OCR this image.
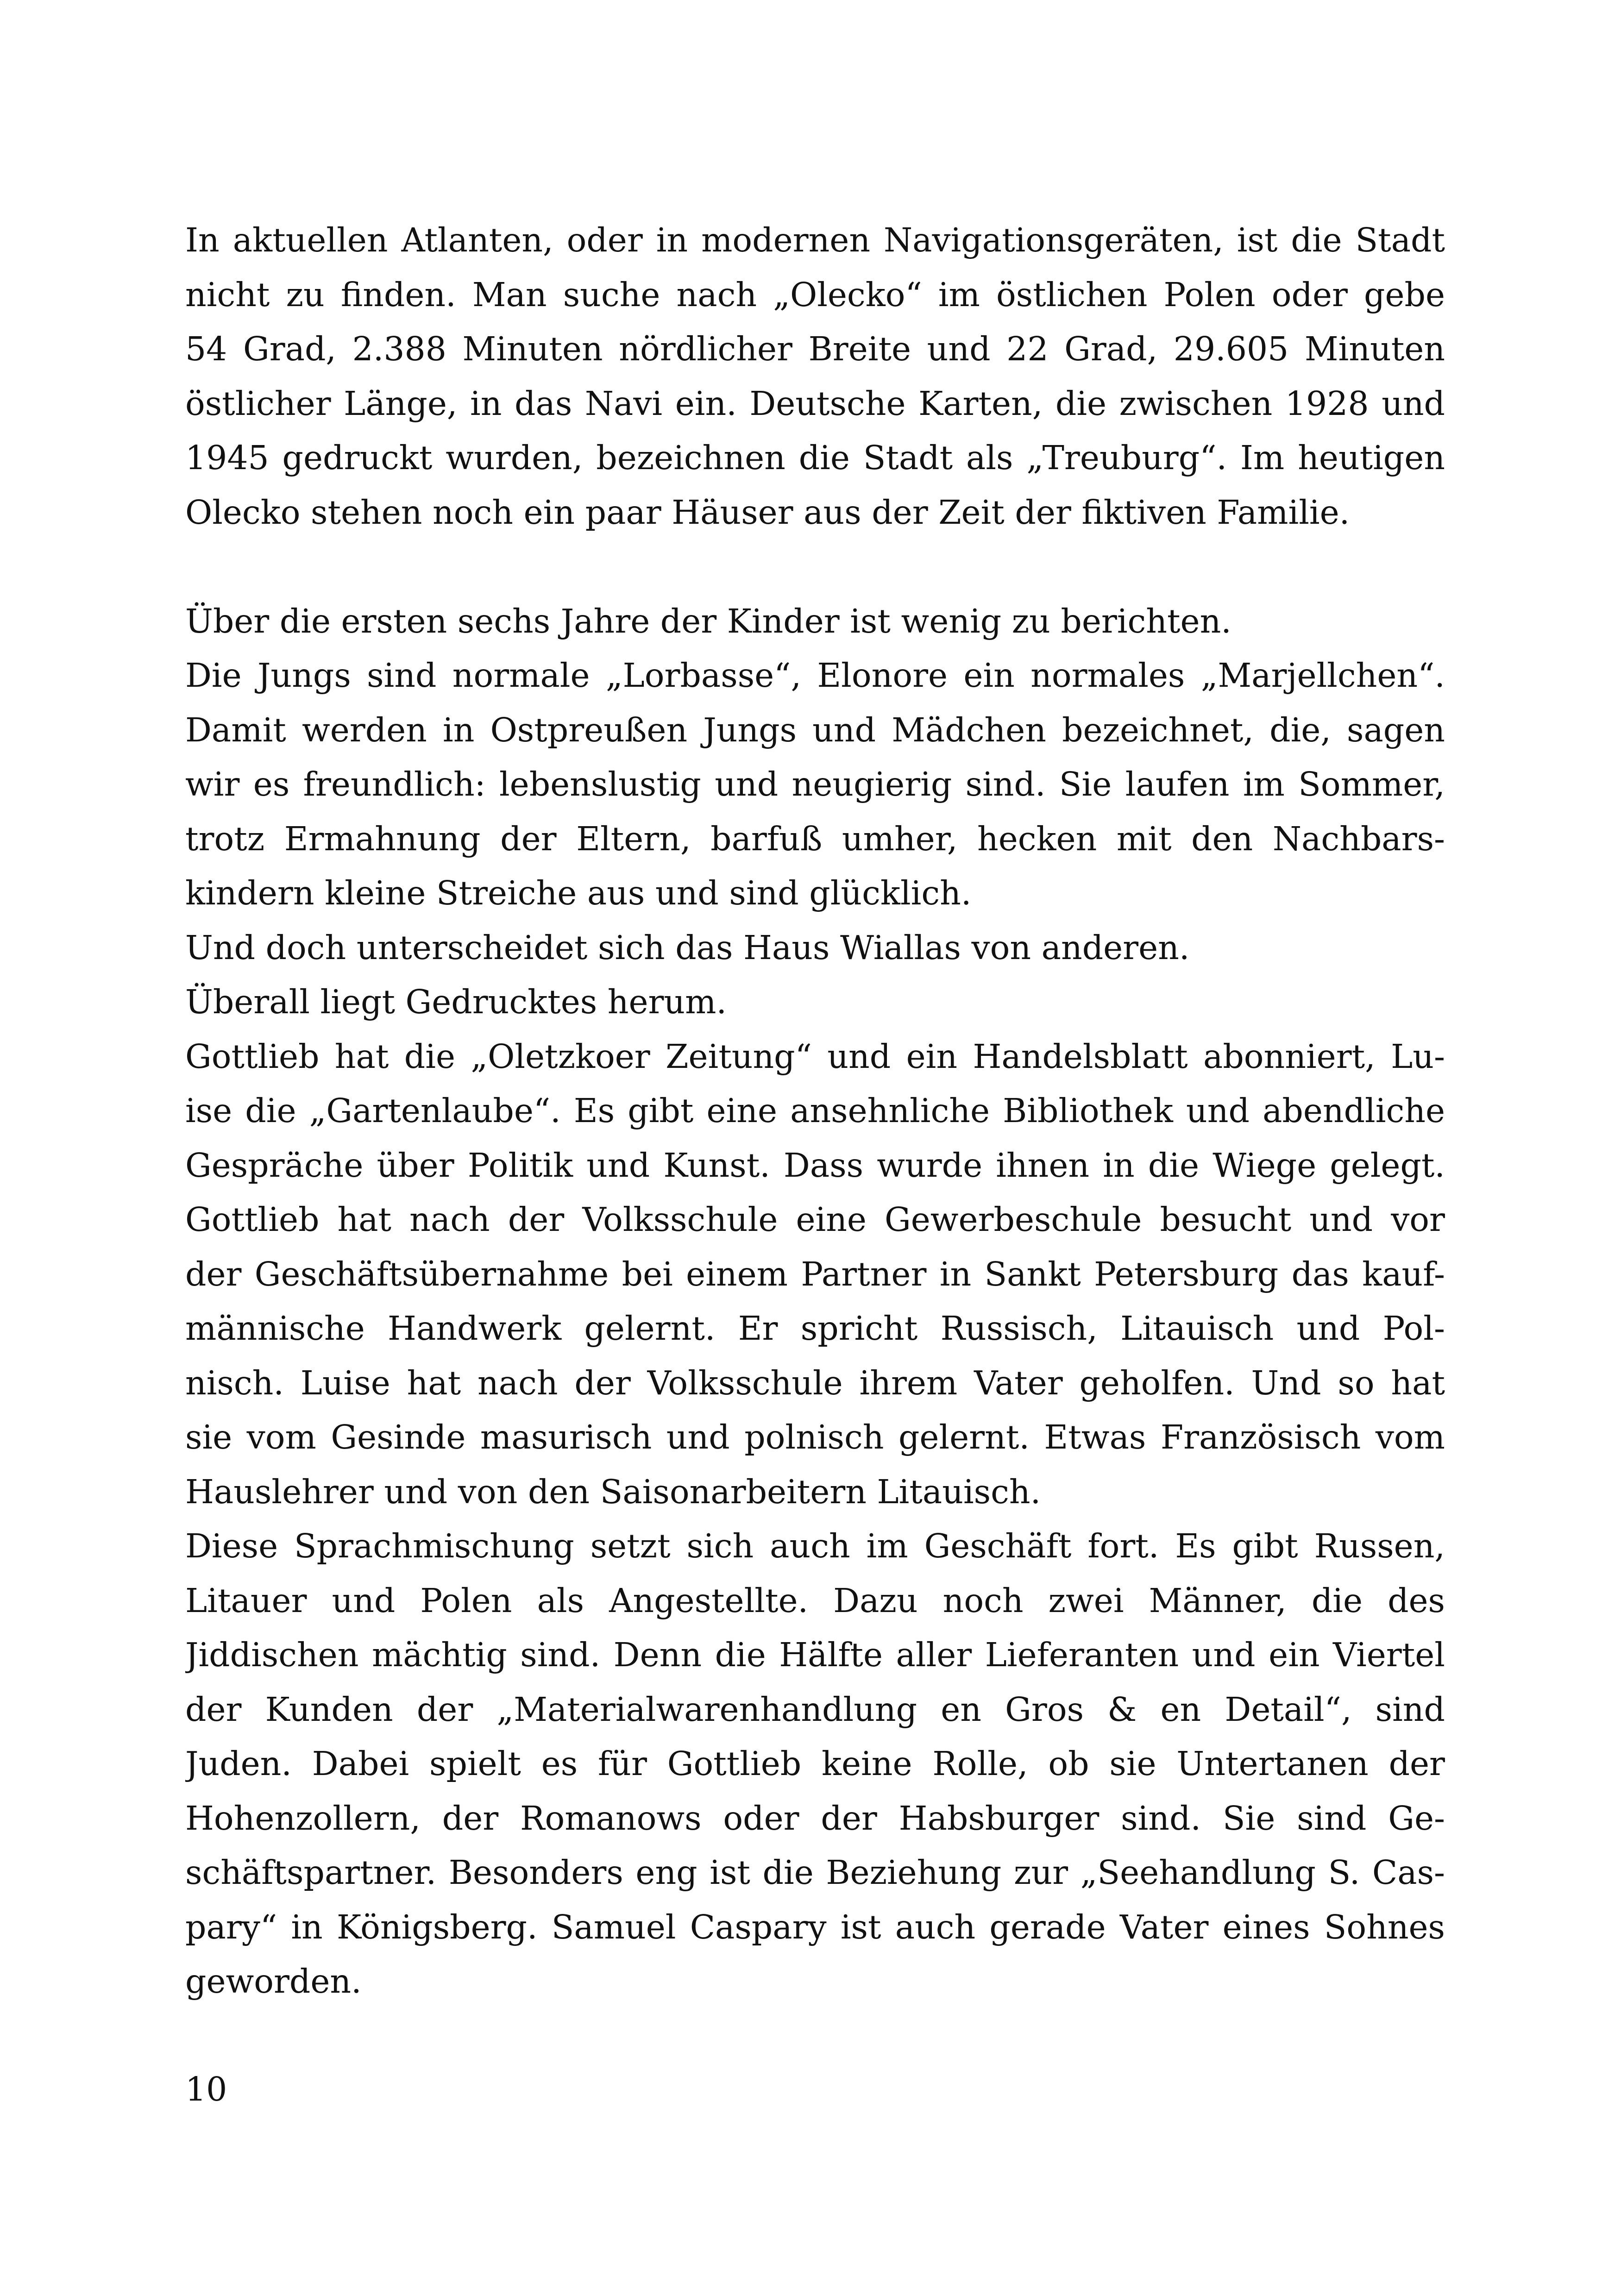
In aktuellen Atlanten, oder in modernen Navigationsgeräten, ist die Stadt
nicht zu finden. Man suche nach „Olecko“ im östlichen Polen oder gebe
54 Grad, 2.388 Minuten nördlicher Breite und 22 Grad, 29.605 Minuten
östlicher Länge, in das Navi ein. Deutsche Karten, die zwischen 1928 und
1945 gedruckt wurden, bezeichnen die Stadt als „Treuburg“. Im heutigen
Olecko stehen noch ein paar Häuser aus der Zeit der fiktiven Familie.
Über die ersten sechs Jahre der Kinder ist wenig zu berichten.
Die Jungs sind normale „Lorbasse“, Elonore ein normales „Marjellchen“.
Damit werden in Ostpreußen Jungs und Mädchen bezeichnet, die, sagen
wir es freundlich: lebenslustig und neugierig sind. Sie laufen im Sommer,
trotz Ermahnung der Eltern, barfuß umher, hecken mit den Nachbars-
kindern kleine Streiche aus und sind glücklich.
Und doch unterscheidet sich das Haus Wiallas von anderen.
Überall liegt Gedrucktes herum.
Gottlieb hat die „Oletzkoer Zeitung“ und ein Handelsblatt abonniert, Lu-
ise die „Gartenlaube“. Es gibt eine ansehnliche Bibliothek und abendliche
Gespräche über Politik und Kunst. Dass wurde ihnen in die Wiege gelegt.
Gottlieb hat nach der Volksschule eine Gewerbeschule besucht und vor
der Geschäftsübernahme bei einem Partner in Sankt Petersburg das kauf-
männische Handwerk gelernt. Er spricht Russisch, Litauisch und Pol-
nisch. Luise hat nach der Volksschule ihrem Vater geholfen. Und so hat
sie vom Gesinde masurisch und polnisch gelernt. Etwas Französisch vom
Hauslehrer und von den Saisonarbeitern Litauisch.
Diese Sprachmischung setzt sich auch im Geschäft fort. Es gibt Russen,
Litauer und Polen als Angestellte. Dazu noch zwei Männer, die des
Jiddischen mächtig sind. Denn die Hälfte aller Lieferanten und ein Viertel
der Kunden der „Materialwarenhandlung en Gros & en Detail“, sind
Juden. Dabei spielt es für Gottlieb keine Rolle, ob sie Untertanen der
Hohenzollern, der Romanows oder der Habsburger sind. Sie sind Ge-
schäftspartner. Besonders eng ist die Beziehung zur „Seehandlung S. Cas-
pary“ in Königsberg. Samuel Caspary ist auch gerade Vater eines Sohnes
geworden.
10
